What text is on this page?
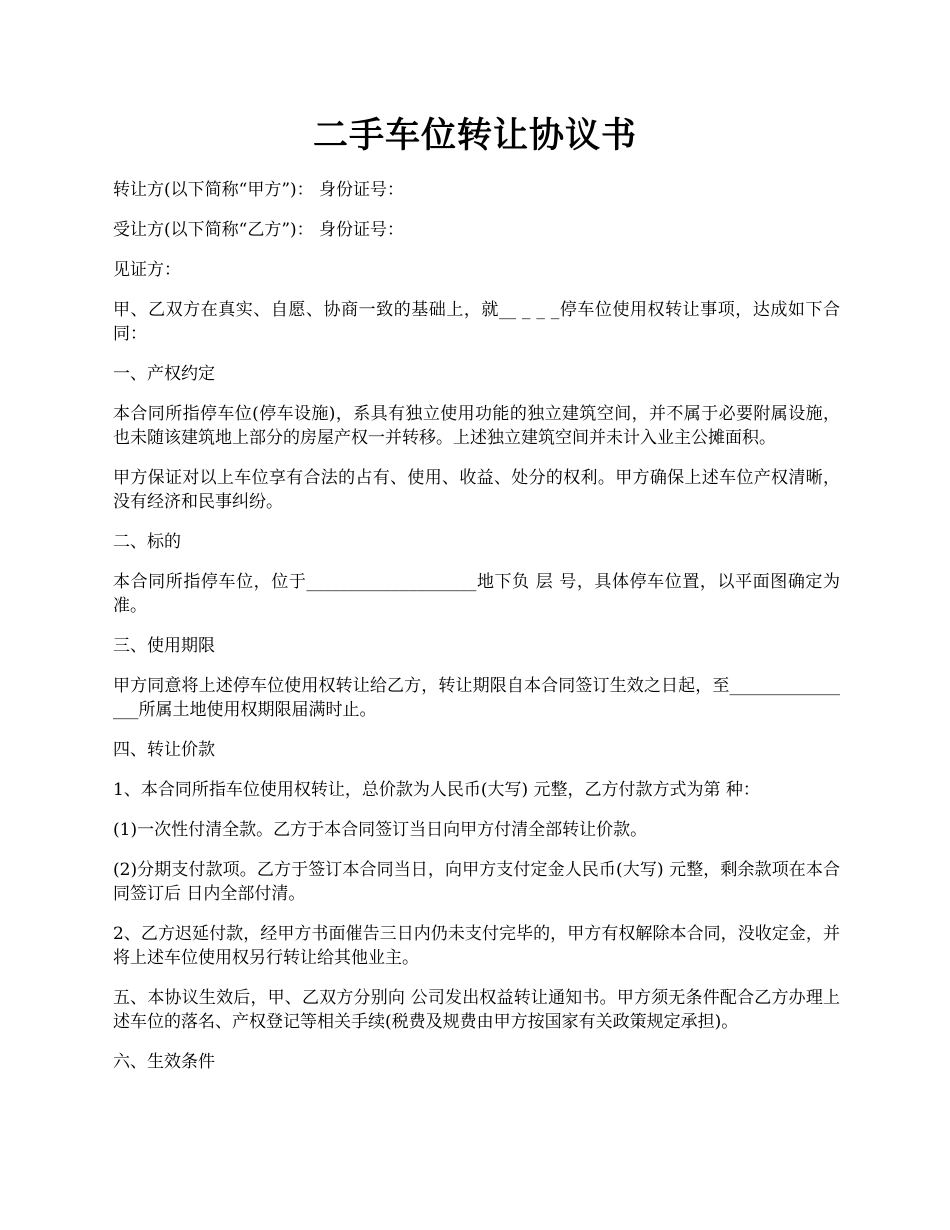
二手车位转让协议书

转让方(以下简称“甲方”)： 身份证号：

受让方(以下简称“乙方”)： 身份证号：

见证方：

甲、乙双方在真实、自愿、协商一致的基础上，就__ _ _ _停车位使用权转让事项，达成如下合同：

一、产权约定

本合同所指停车位(停车设施)，系具有独立使用功能的独立建筑空间，并不属于必要附属设施，也未随该建筑地上部分的房屋产权一并转移。上述独立建筑空间并未计入业主公摊面积。

甲方保证对以上车位享有合法的占有、使用、收益、处分的权利。甲方确保上述车位产权清晰，没有经济和民事纠纷。

二、标的

本合同所指停车位，位于____________________地下负 层 号，具体停车位置，以平面图确定为准。

三、使用期限

甲方同意将上述停车位使用权转让给乙方，转让期限自本合同签订生效之日起，至________________所属土地使用权期限届满时止。

四、转让价款

1、本合同所指车位使用权转让，总价款为人民币(大写) 元整，乙方付款方式为第 种：

(1)一次性付清全款。乙方于本合同签订当日向甲方付清全部转让价款。

(2)分期支付款项。乙方于签订本合同当日，向甲方支付定金人民币(大写) 元整，剩余款项在本合同签订后 日内全部付清。

2、乙方迟延付款，经甲方书面催告三日内仍未支付完毕的，甲方有权解除本合同，没收定金，并将上述车位使用权另行转让给其他业主。

五、本协议生效后，甲、乙双方分别向 公司发出权益转让通知书。甲方须无条件配合乙方办理上述车位的落名、产权登记等相关手续(税费及规费由甲方按国家有关政策规定承担)。

六、生效条件
